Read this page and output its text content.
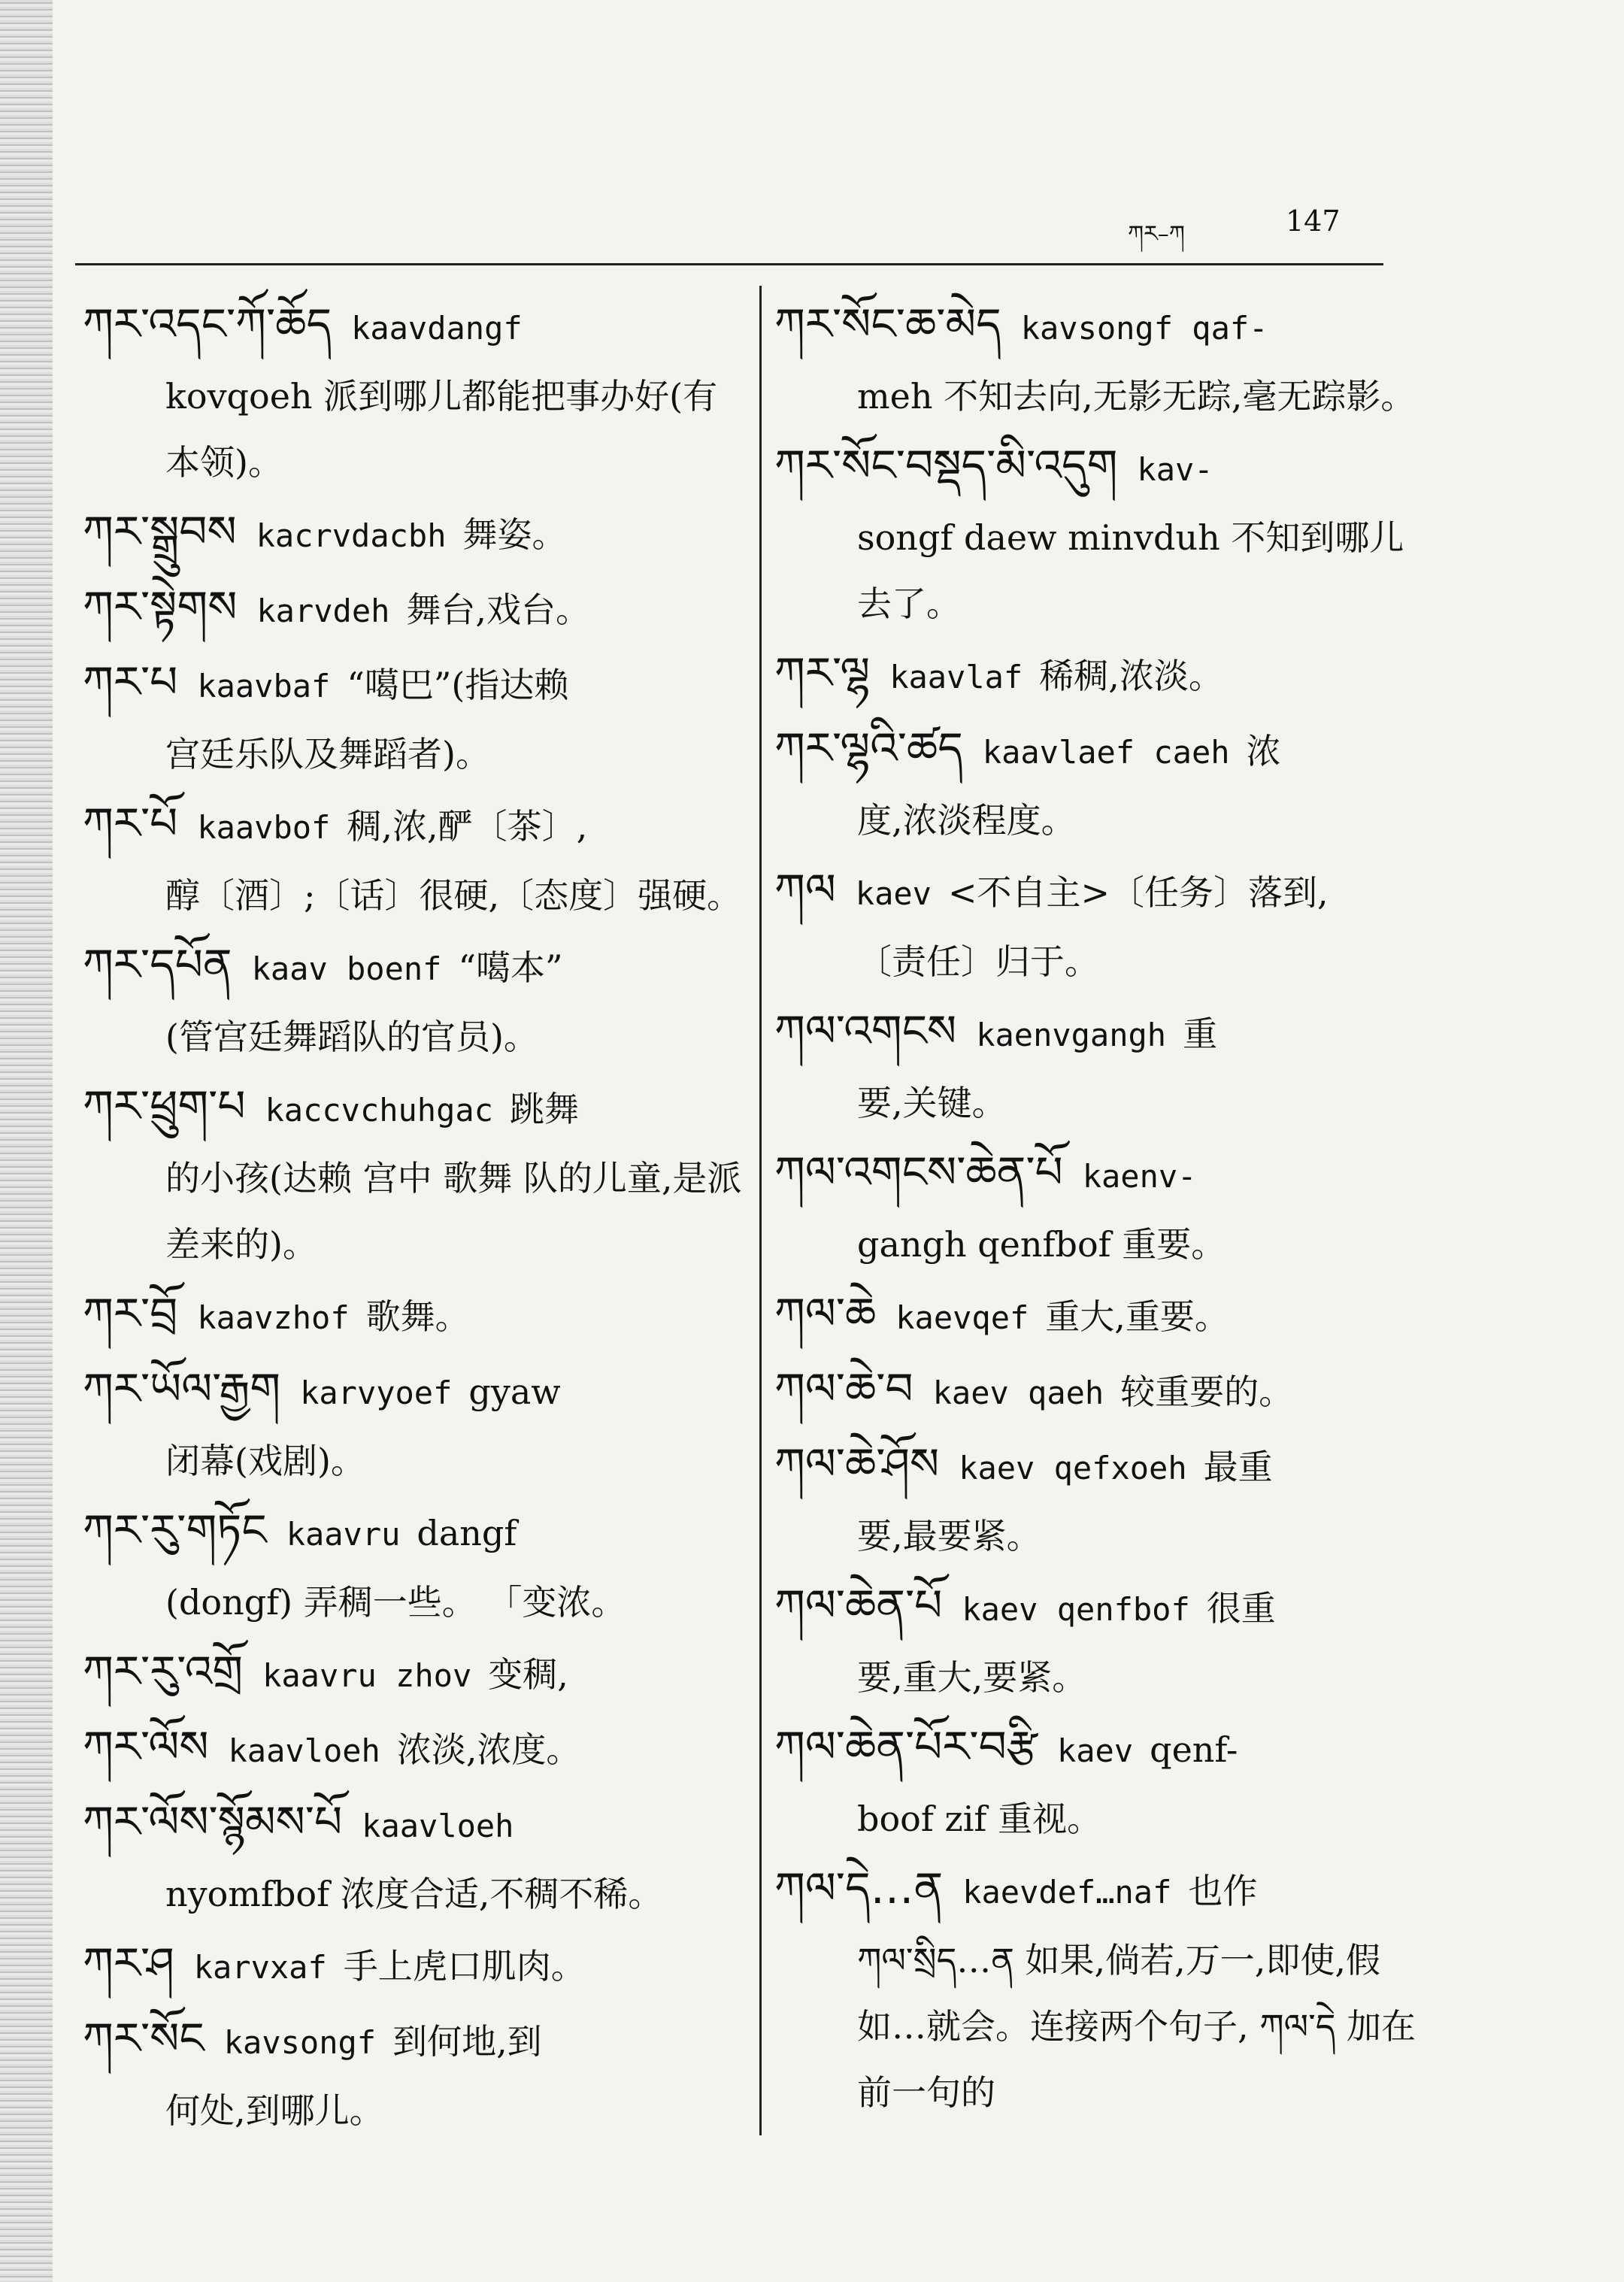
ཀར–ཀ	147
ཀར་འདང་ཀོ་ཆོད kaavdangf
kovqoeh 派到哪儿都能把事办好(有本领)。
ཀར་སྒྲུབས kacrvdacbh 舞姿。
ཀར་སྟེགས karvdeh 舞台,戏台。
ཀར་པ kaavbaf “噶巴”(指达赖
宫廷乐队及舞蹈者)。
ཀར་པོ kaavbof 稠,浓,酽〔茶〕,
醇〔酒〕;〔话〕很硬,〔态度〕强硬。
ཀར་དཔོན kaav boenf “噶本”
(管宫廷舞蹈队的官员)。
ཀར་ཕྲུག་པ kaccvchuhgac 跳舞
的小孩(达赖 宫中 歌舞 队的儿童,是派差来的)。
ཀར་བྲོ kaavzhof 歌舞。
ཀར་ཡོལ་རྒྱག karvyoef gyaw
闭幕(戏剧)。
ཀར་རུ་གཏོང kaavru dangf
(dongf) 弄稠一些。 「变浓。
ཀར་རུ་འགྲོ kaavru zhov 变稠,
ཀར་ལོས kaavloeh 浓淡,浓度。
ཀར་ལོས་སྙོམས་པོ kaavloeh
nyomfbof 浓度合适,不稠不稀。
ཀར་ཤ karvxaf 手上虎口肌肉。
ཀར་སོང kavsongf 到何地,到
何处,到哪儿。
ཀར་སོང་ཆ་མེད kavsongf qaf-
meh 不知去向,无影无踪,毫无踪影。
ཀར་སོང་བསྡད་མི་འདུག kav-
songf daew minvduh 不知到哪儿去了。
ཀར་ལྷ kaavlaf 稀稠,浓淡。
ཀར་ལྷའི་ཚད kaavlaef caeh 浓
度,浓淡程度。
ཀལ kaev <不自主>〔任务〕落到,
〔责任〕归于。
ཀལ་འགངས kaenvgangh 重
要,关键。
ཀལ་འགངས་ཆེན་པོ kaenv-
gangh qenfbof 重要。
ཀལ་ཆེ kaevqef 重大,重要。
ཀལ་ཆེ་བ kaev qaeh 较重要的。
ཀལ་ཆེ་ཤོས kaev qefxoeh 最重
要,最要紧。
ཀལ་ཆེན་པོ kaev qenfbof 很重
要,重大,要紧。
ཀལ་ཆེན་པོར་བརྩི kaev qenf-
boof zif 重视。
ཀལ་དེ…ན kaevdef…naf 也作
ཀལ་སྲིད…ན 如果,倘若,万一,即使,假如…就会。连接两个句子, ཀལ་དེ 加在前一句的
